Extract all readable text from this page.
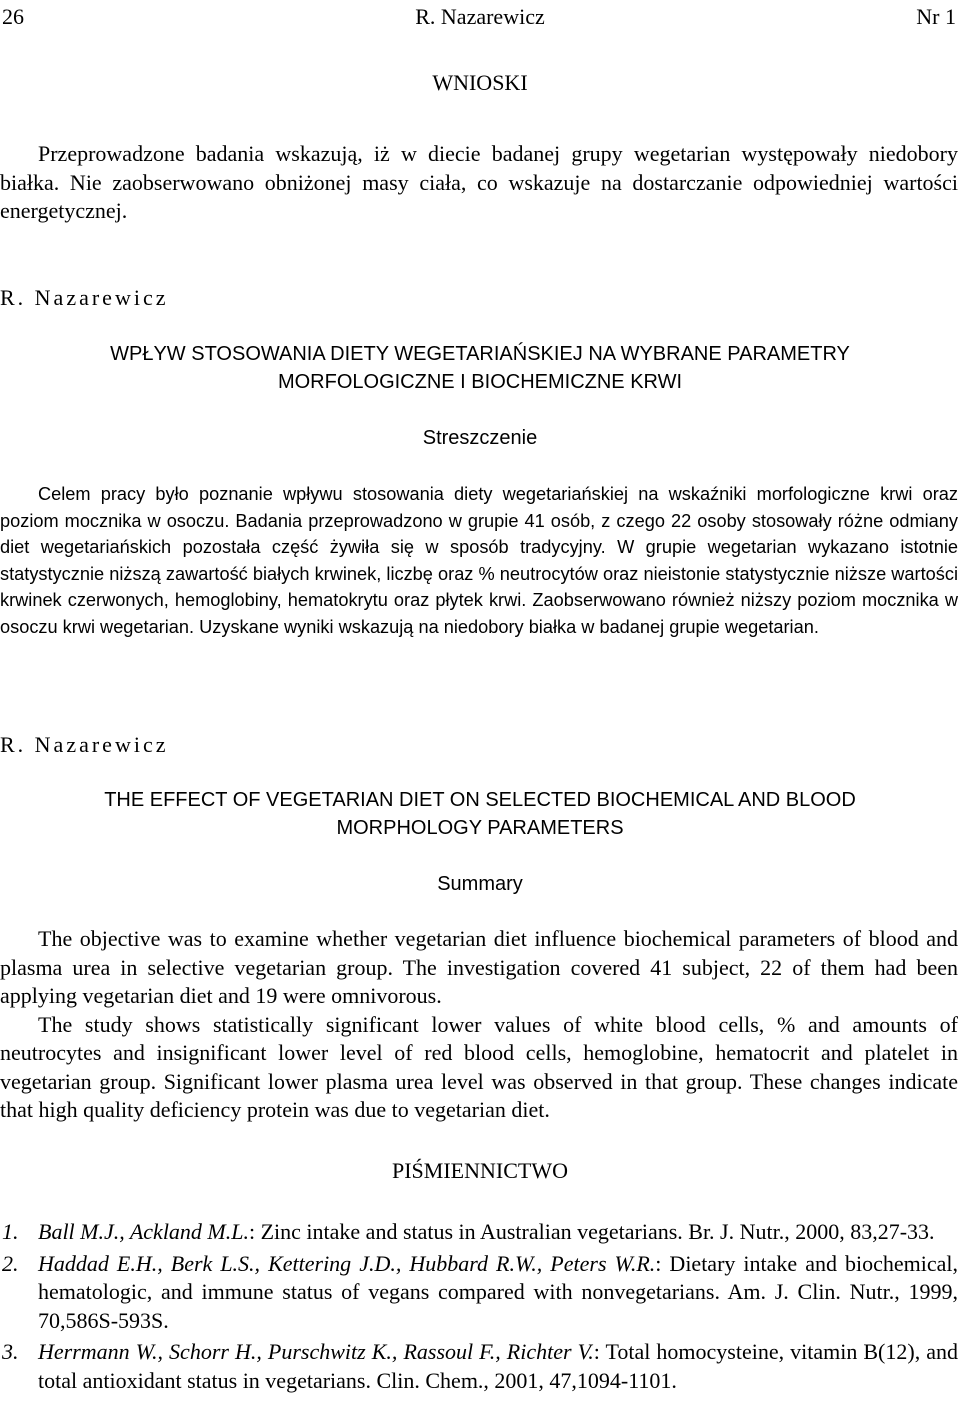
26	R. Nazarewicz	Nr 1
WNIOSKI

Przeprowadzone badania wskazują, iż w diecie badanej grupy wegetarian występowały niedobory białka. Nie zaobserwowano obniżonej masy ciała, co wskazuje na dostarczanie odpowiedniej wartości energetycznej.

R. Nazarewicz
WPŁYW STOSOWANIA DIETY WEGETARIAŃSKIEJ NA WYBRANE PARAMETRY
MORFOLOGICZNE I BIOCHEMICZNE KRWI
Streszczenie

Celem pracy było poznanie wpływu stosowania diety wegetariańskiej na wskaźniki morfologiczne krwi oraz poziom mocznika w osoczu. Badania przeprowadzono w grupie 41 osób, z czego 22 osoby stosowały różne odmiany diet wegetariańskich pozostała część żywiła się w sposób tradycyjny. W grupie wegetarian wykazano istotnie statystycznie niższą zawartość białych krwinek, liczbę oraz % neutrocytów oraz nieistonie statystycznie niższe wartości krwinek czerwonych, hemoglobiny, hematokrytu oraz płytek krwi. Zaobserwowano również niższy poziom mocznika w osoczu krwi wegetarian. Uzyskane wyniki wskazują na niedobory białka w badanej grupie wegetarian.

R. Nazarewicz
THE EFFECT OF VEGETARIAN DIET ON SELECTED BIOCHEMICAL AND BLOOD
MORPHOLOGY PARAMETERS
Summary
The objective was to examine whether vegetarian diet influence biochemical parameters of blood and plasma urea in selective vegetarian group. The investigation covered 41 subject, 22 of them had been applying vegetarian diet and 19 were omnivorous.
The study shows statistically significant lower values of white blood cells, % and amounts of neutrocytes and insignificant lower level of red blood cells, hemoglobine, hematocrit and platelet in vegetarian group. Significant lower plasma urea level was observed in that group. These changes indicate that high quality deficiency protein was due to vegetarian diet.
PIŚMIENNICTWO
1. Ball M.J., Ackland M.L.: Zinc intake and status in Australian vegetarians. Br. J. Nutr., 2000, 83,27-33.
2. Haddad E.H., Berk L.S., Kettering J.D., Hubbard R.W., Peters W.R.: Dietary intake and biochemical, hematologic, and immune status of vegans compared with nonvegetarians. Am. J. Clin. Nutr., 1999, 70,586S-593S.
3. Herrmann W., Schorr H., Purschwitz K., Rassoul F., Richter V.: Total homocysteine, vitamin B(12), and total antioxidant status in vegetarians. Clin. Chem., 2001, 47,1094-1101.
